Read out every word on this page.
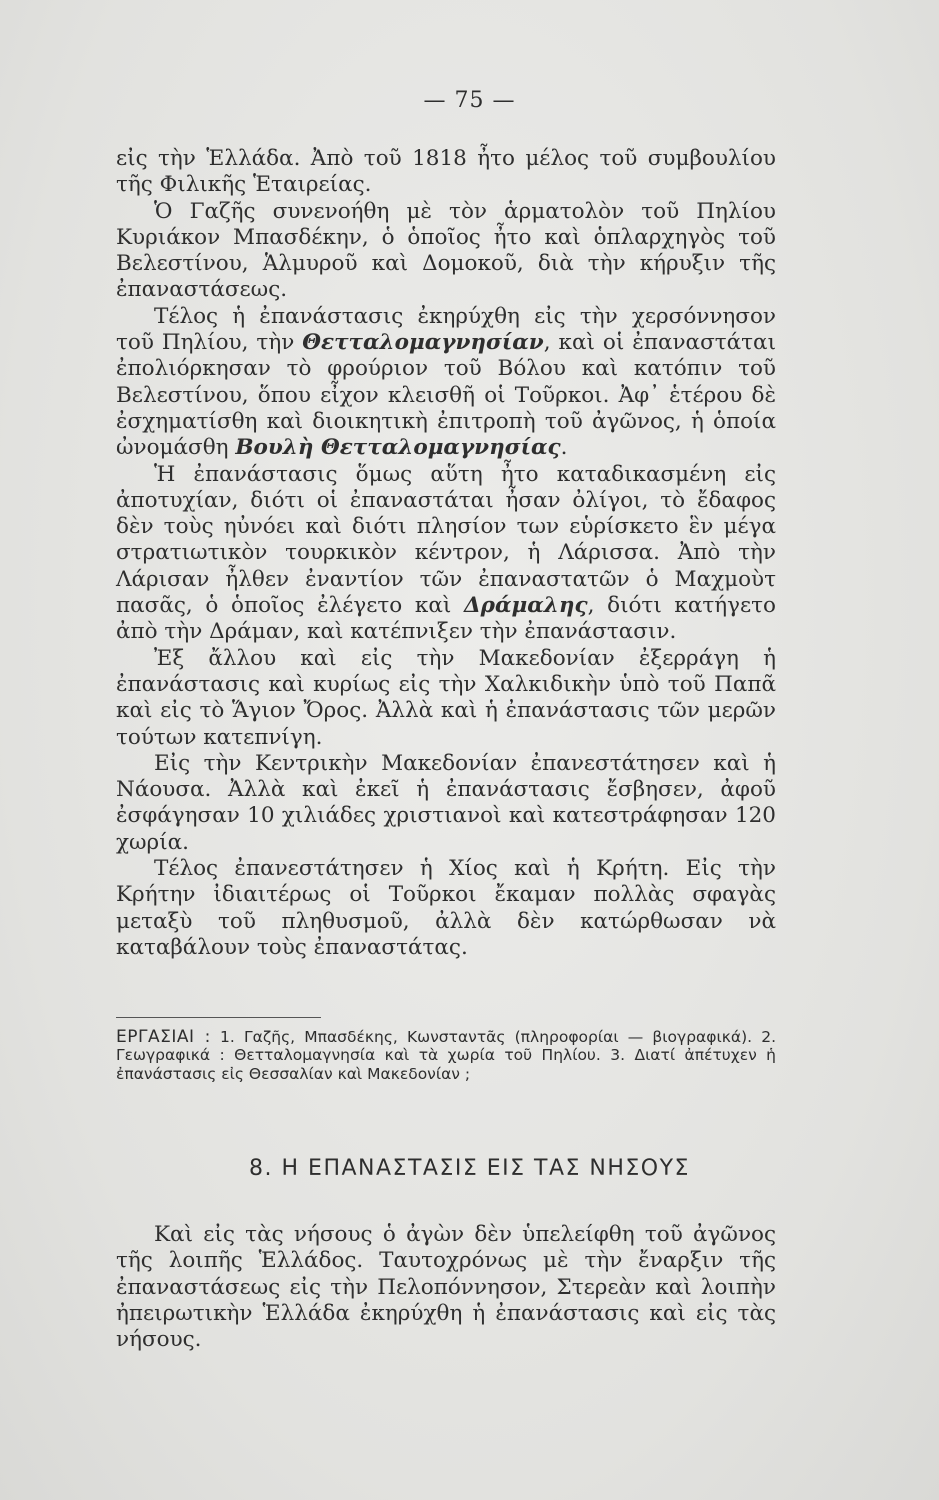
— 75 —

εἰς τὴν Ἑλλάδα. Ἀπὸ τοῦ 1818 ἦτο μέλος τοῦ συμβουλίου τῆς Φιλικῆς Ἑταιρείας.

Ὁ Γαζῆς συνενοήθη μὲ τὸν ἁρματολὸν τοῦ Πηλίου Κυριάκον Μπασδέκην, ὁ ὁποῖος ἦτο καὶ ὁπλαρχηγὸς τοῦ Βελεστίνου, Ἁλμυροῦ καὶ Δομοκοῦ, διὰ τὴν κήρυξιν τῆς ἐπαναστάσεως.

Τέλος ἡ ἐπανάστασις ἐκηρύχθη εἰς τὴν χερσόννησον τοῦ Πηλίου, τὴν Θετταλομαγνησίαν, καὶ οἱ ἐπαναστάται ἐπολιόρκησαν τὸ φρούριον τοῦ Βόλου καὶ κατόπιν τοῦ Βελεστίνου, ὅπου εἶχον κλεισθῆ οἱ Τοῦρκοι. Ἀφ᾿ ἑτέρου δὲ ἐσχηματίσθη καὶ διοικητικὴ ἐπιτροπὴ τοῦ ἀγῶνος, ἡ ὁποία ὠνομάσθη Βουλὴ Θετταλομαγνησίας.

Ἡ ἐπανάστασις ὅμως αὕτη ἦτο καταδικασμένη εἰς ἀποτυχίαν, διότι οἱ ἐπαναστάται ἦσαν ὀλίγοι, τὸ ἔδαφος δὲν τοὺς ηὐνόει καὶ διότι πλησίον των εὑρίσκετο ἓν μέγα στρατιωτικὸν τουρκικὸν κέντρον, ἡ Λάρισσα. Ἀπὸ τὴν Λάρισαν ἦλθεν ἐναντίον τῶν ἐπαναστατῶν ὁ Μαχμοὺτ πασᾶς, ὁ ὁποῖος ἐλέγετο καὶ Δράμαλης, διότι κατήγετο ἀπὸ τὴν Δράμαν, καὶ κατέπνιξεν τὴν ἐπανάστασιν.

Ἐξ ἄλλου καὶ εἰς τὴν Μακεδονίαν ἐξερράγη ἡ ἐπανάστασις καὶ κυρίως εἰς τὴν Χαλκιδικὴν ὑπὸ τοῦ Παπᾶ καὶ εἰς τὸ Ἅγιον Ὄρος. Ἀλλὰ καὶ ἡ ἐπανάστασις τῶν μερῶν τούτων κατεπνίγη.

Εἰς τὴν Κεντρικὴν Μακεδονίαν ἐπανεστάτησεν καὶ ἡ Νάουσα. Ἀλλὰ καὶ ἐκεῖ ἡ ἐπανάστασις ἔσβησεν, ἀφοῦ ἐσφάγησαν 10 χιλιάδες χριστιανοὶ καὶ κατεστράφησαν 120 χωρία.

Τέλος ἐπανεστάτησεν ἡ Χίος καὶ ἡ Κρήτη. Εἰς τὴν Κρήτην ἰδιαιτέρως οἱ Τοῦρκοι ἔκαμαν πολλὰς σφαγὰς μεταξὺ τοῦ πληθυσμοῦ, ἀλλὰ δὲν κατώρθωσαν νὰ καταβάλουν τοὺς ἐπαναστάτας.

ΕΡΓΑΣΙΑΙ : 1. Γαζῆς, Μπασδέκης, Κωνσταντᾶς (πληροφορίαι — βιογραφικά). 2. Γεωγραφικά : Θετταλομαγνησία καὶ τὰ χωρία τοῦ Πηλίου. 3. Διατί ἀπέτυχεν ἡ ἐπανάστασις εἰς Θεσσαλίαν καὶ Μακεδονίαν ;
8. Η ΕΠΑΝΑΣΤΑΣΙΣ ΕΙΣ ΤΑΣ ΝΗΣΟΥΣ

Καὶ εἰς τὰς νήσους ὁ ἀγὼν δὲν ὑπελείφθη τοῦ ἀγῶνος τῆς λοιπῆς Ἑλλάδος. Ταυτοχρόνως μὲ τὴν ἔναρξιν τῆς ἐπαναστάσεως εἰς τὴν Πελοπόννησον, Στερεὰν καὶ λοιπὴν ἠπειρωτικὴν Ἑλλάδα ἐκηρύχθη ἡ ἐπανάστασις καὶ εἰς τὰς νήσους.
